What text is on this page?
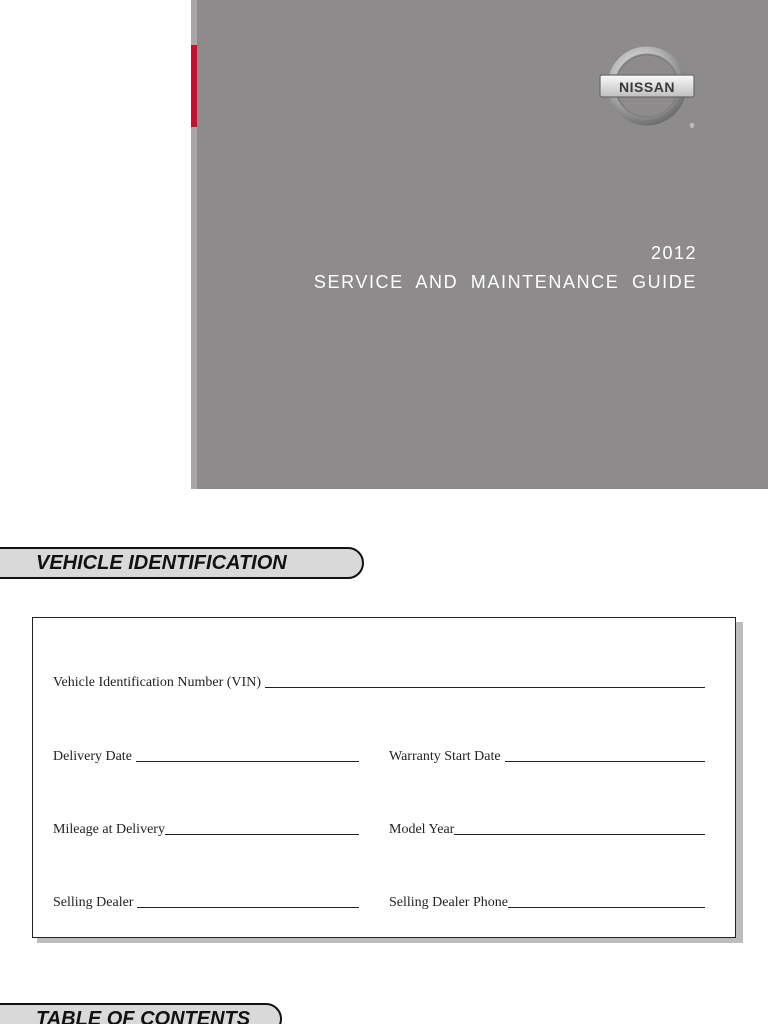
NISSAN
®
2012
SERVICE AND MAINTENANCE GUIDE
VEHICLE IDENTIFICATION
Vehicle Identification Number (VIN)
Delivery Date	Warranty Start Date
Mileage at Delivery	Model Year
Selling Dealer	Selling Dealer Phone
TABLE OF CONTENTS
